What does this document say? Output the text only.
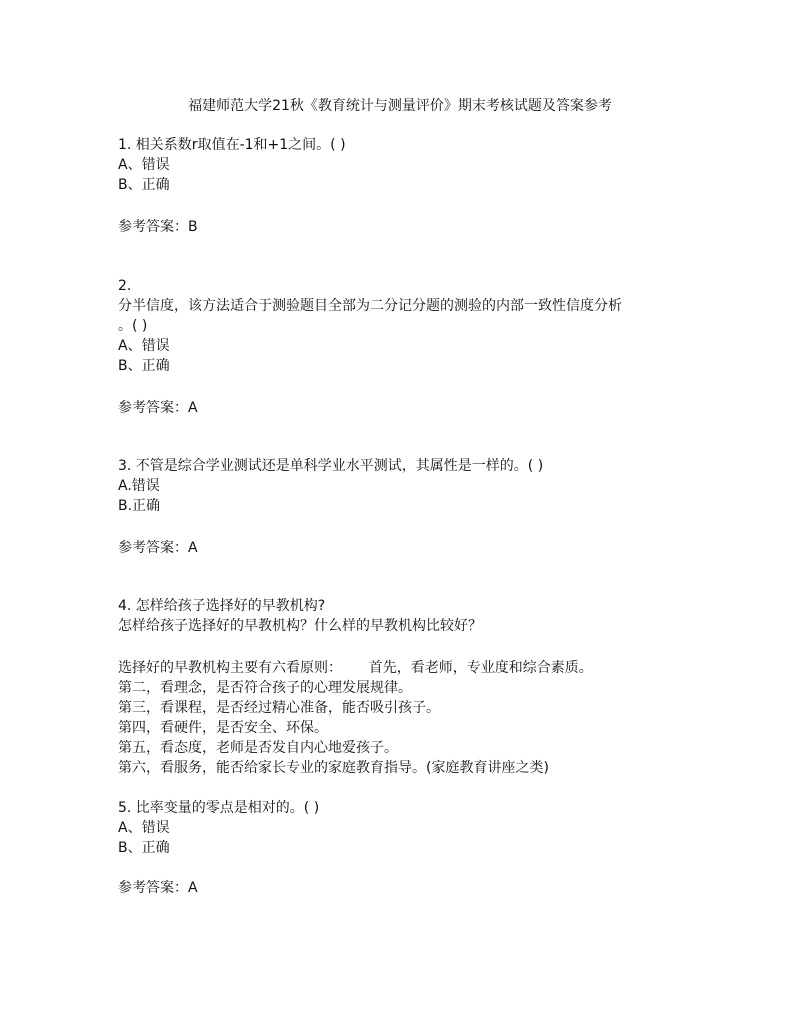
福建师范大学21秋《教育统计与测量评价》期末考核试题及答案参考
1. 相关系数r取值在-1和+1之间。( )
A、错误
B、正确
参考答案：B
2.
分半信度，该方法适合于测验题目全部为二分记分题的测验的内部一致性信度分析
。( )
A、错误
B、正确
参考答案：A
3. 不管是综合学业测试还是单科学业水平测试，其属性是一样的。( )
A.错误
B.正确
参考答案：A
4. 怎样给孩子选择好的早教机构?
怎样给孩子选择好的早教机构？什么样的早教机构比较好？
选择好的早教机构主要有六看原则：      首先，看老师，专业度和综合素质。
第二，看理念，是否符合孩子的心理发展规律。
第三，看课程，是否经过精心准备，能否吸引孩子。
第四，看硬件，是否安全、环保。
第五，看态度，老师是否发自内心地爱孩子。
第六，看服务，能否给家长专业的家庭教育指导。(家庭教育讲座之类)
5. 比率变量的零点是相对的。( )
A、错误
B、正确
参考答案：A
